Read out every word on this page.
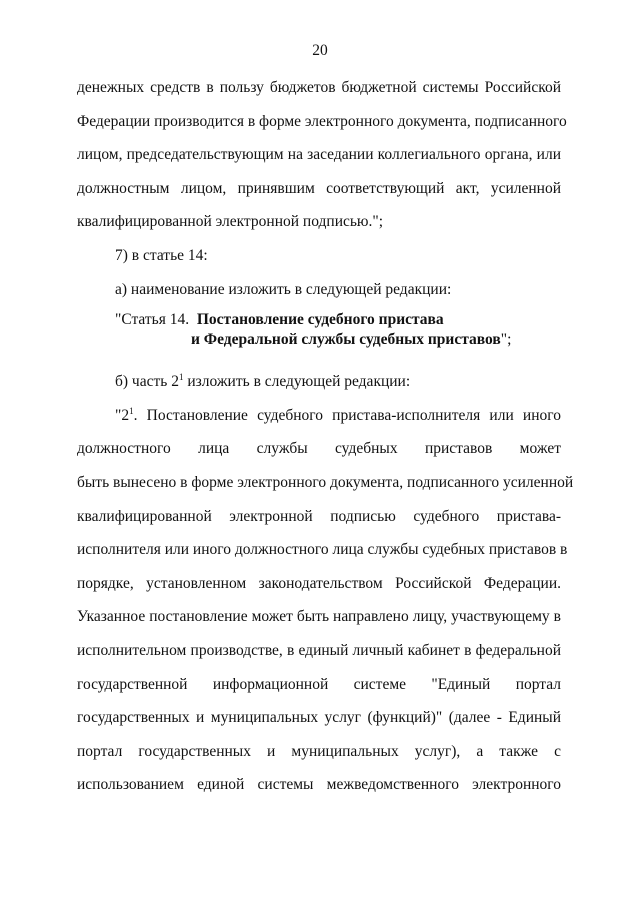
20
денежных средств в пользу бюджетов бюджетной системы Российской
Федерации производится в форме электронного документа, подписанного
лицом, председательствующим на заседании коллегиального органа, или
должностным лицом, принявшим соответствующий акт, усиленной
квалифицированной электронной подписью.";
7) в статье 14:
а) наименование изложить в следующей редакции:
"Статья 14. Постановление судебного пристава
и Федеральной службы судебных приставов";
б) часть $2^1$ изложить в следующей редакции:
"$2^1$. Постановление судебного пристава-исполнителя или иного
должностного лица службы судебных приставов может
быть вынесено в форме электронного документа, подписанного усиленной
квалифицированной электронной подписью судебного пристава-
исполнителя или иного должностного лица службы судебных приставов в
порядке, установленном законодательством Российской Федерации.
Указанное постановление может быть направлено лицу, участвующему в
исполнительном производстве, в единый личный кабинет в федеральной
государственной информационной системе "Единый портал
государственных и муниципальных услуг (функций)" (далее - Единый
портал государственных и муниципальных услуг), а также с
использованием единой системы межведомственного электронного
